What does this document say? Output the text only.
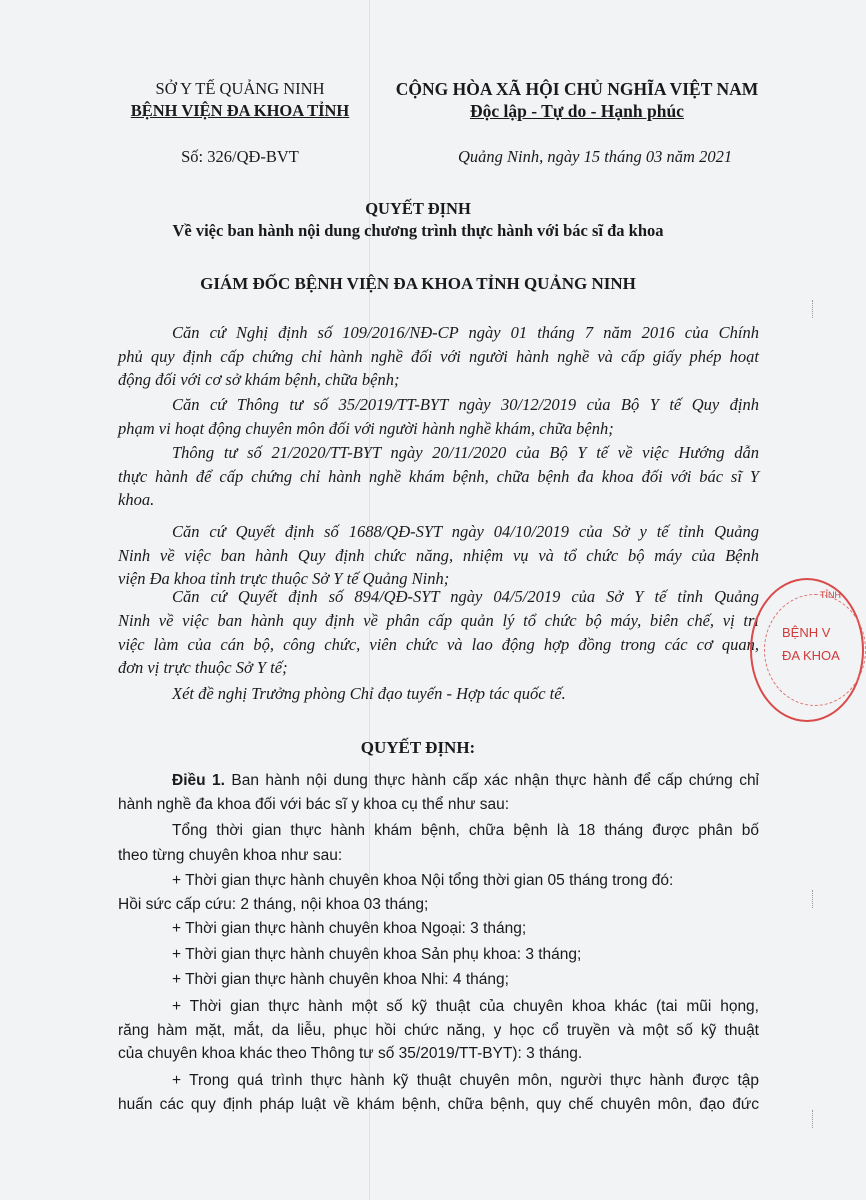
SỞ Y TẾ QUẢNG NINH
BỆNH VIỆN ĐA KHOA TỈNH
Số: 326/QĐ-BVT
CỘNG HÒA XÃ HỘI CHỦ NGHĨA VIỆT NAM
Độc lập - Tự do - Hạnh phúc
Quảng Ninh, ngày 15 tháng 03 năm 2021
QUYẾT ĐỊNH
Về việc ban hành nội dung chương trình thực hành với bác sĩ đa khoa
GIÁM ĐỐC BỆNH VIỆN ĐA KHOA TỈNH QUẢNG NINH
Căn cứ Nghị định số 109/2016/NĐ-CP ngày 01 tháng 7 năm 2016 của Chính
phủ quy định cấp chứng chỉ hành nghề đối với người hành nghề và cấp giấy phép hoạt
động đối với cơ sở khám bệnh, chữa bệnh;
Căn cứ Thông tư số 35/2019/TT-BYT ngày 30/12/2019 của Bộ Y tế Quy định
phạm vi hoạt động chuyên môn đối với người hành nghề khám, chữa bệnh;
Thông tư số 21/2020/TT-BYT ngày 20/11/2020 của Bộ Y tế về việc Hướng dẫn
thực hành để cấp chứng chỉ hành nghề khám bệnh, chữa bệnh đa khoa đối với bác sĩ Y
khoa.
Căn cứ Quyết định số 1688/QĐ-SYT ngày 04/10/2019 của Sở y tế tỉnh Quảng
Ninh về việc ban hành Quy định chức năng, nhiệm vụ và tổ chức bộ máy của Bệnh
viện Đa khoa tỉnh trực thuộc Sở Y tế Quảng Ninh;
Căn cứ Quyết định số 894/QĐ-SYT ngày 04/5/2019 của Sở Y tế tỉnh Quảng
Ninh về việc ban hành quy định về phân cấp quản lý tổ chức bộ máy, biên chế, vị trí
việc làm của cán bộ, công chức, viên chức và lao động hợp đồng trong các cơ quan,
đơn vị trực thuộc Sở Y tế;
Xét đề nghị Trưởng phòng Chỉ đạo tuyến - Hợp tác quốc tế.
QUYẾT ĐỊNH:
Điều 1. Ban hành nội dung thực hành cấp xác nhận thực hành để cấp chứng chỉ
hành nghề đa khoa đối với bác sĩ y khoa cụ thể như sau:
Tổng thời gian thực hành khám bệnh, chữa bệnh là 18 tháng được phân bố
theo từng chuyên khoa như sau:
+ Thời gian thực hành chuyên khoa Nội tổng thời gian 05 tháng trong đó:
Hồi sức cấp cứu: 2 tháng, nội khoa 03 tháng;
+ Thời gian thực hành chuyên khoa Ngoại: 3 tháng;
+ Thời gian thực hành chuyên khoa Sản phụ khoa: 3 tháng;
+ Thời gian thực hành chuyên khoa Nhi: 4 tháng;
+ Thời gian thực hành một số kỹ thuật của chuyên khoa khác (tai mũi họng,
răng hàm mặt, mắt, da liễu, phục hồi chức năng, y học cổ truyền và một số kỹ thuật
của chuyên khoa khác theo Thông tư số 35/2019/TT-BYT): 3 tháng.
+ Trong quá trình thực hành kỹ thuật chuyên môn, người thực hành được tập
huấn các quy định pháp luật về khám bệnh, chữa bệnh, quy chế chuyên môn, đạo đức
TỈNH
BỆNH V
ĐA KHOA
